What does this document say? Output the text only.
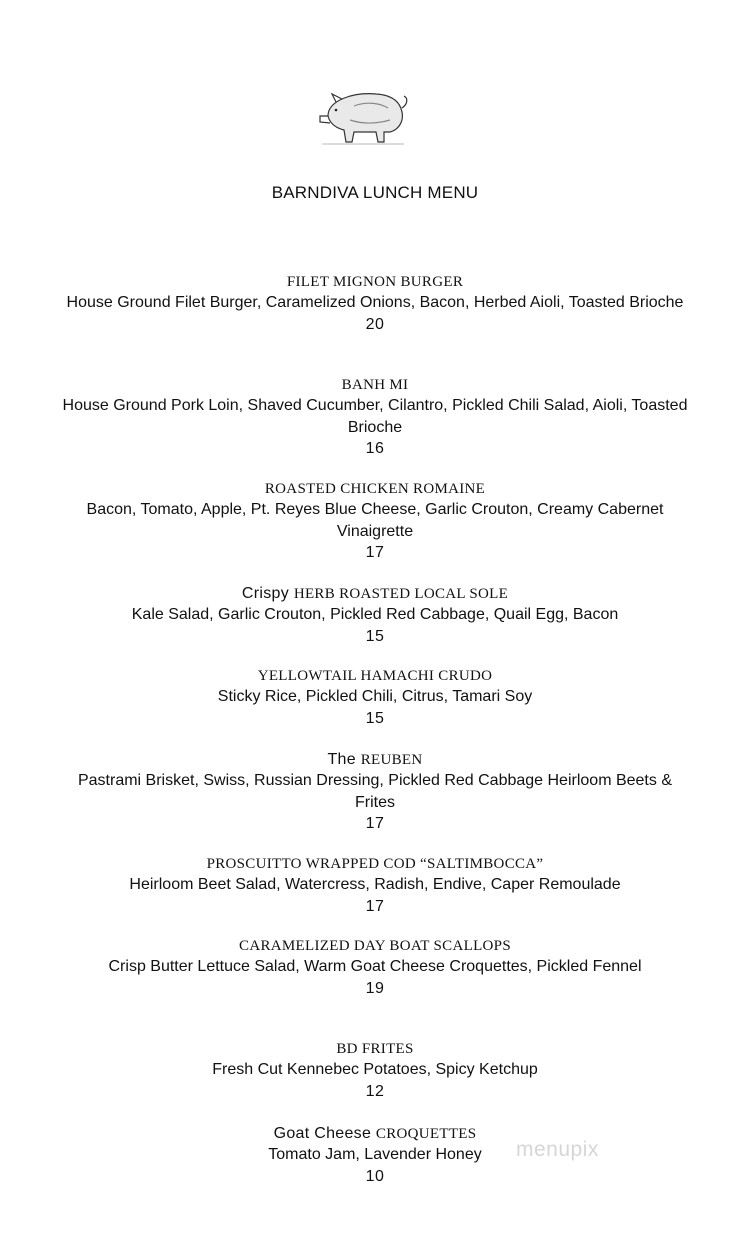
BARNDIVA LUNCH MENU
FILET MIGNON BURGER
House Ground Filet Burger, Caramelized Onions, Bacon, Herbed Aioli, Toasted Brioche
20
BANH MI
House Ground Pork Loin, Shaved Cucumber, Cilantro, Pickled Chili Salad, Aioli, Toasted Brioche
16
ROASTED CHICKEN ROMAINE
Bacon, Tomato, Apple, Pt. Reyes Blue Cheese, Garlic Crouton, Creamy Cabernet Vinaigrette
17
Crispy HERB ROASTED LOCAL SOLE
Kale Salad, Garlic Crouton, Pickled Red Cabbage, Quail Egg, Bacon
15
YELLOWTAIL HAMACHI CRUDO
Sticky Rice, Pickled Chili, Citrus, Tamari Soy
15
The REUBEN
Pastrami Brisket, Swiss, Russian Dressing, Pickled Red Cabbage Heirloom Beets & Frites
17
PROSCUITTO WRAPPED COD “SALTIMBOCCA”
Heirloom Beet Salad, Watercress, Radish, Endive, Caper Remoulade
17
CARAMELIZED DAY BOAT SCALLOPS
Crisp Butter Lettuce Salad, Warm Goat Cheese Croquettes, Pickled Fennel
19
BD FRITES
Fresh Cut Kennebec Potatoes, Spicy Ketchup
12
Goat Cheese CROQUETTES
Tomato Jam, Lavender Honey
10
menupix
